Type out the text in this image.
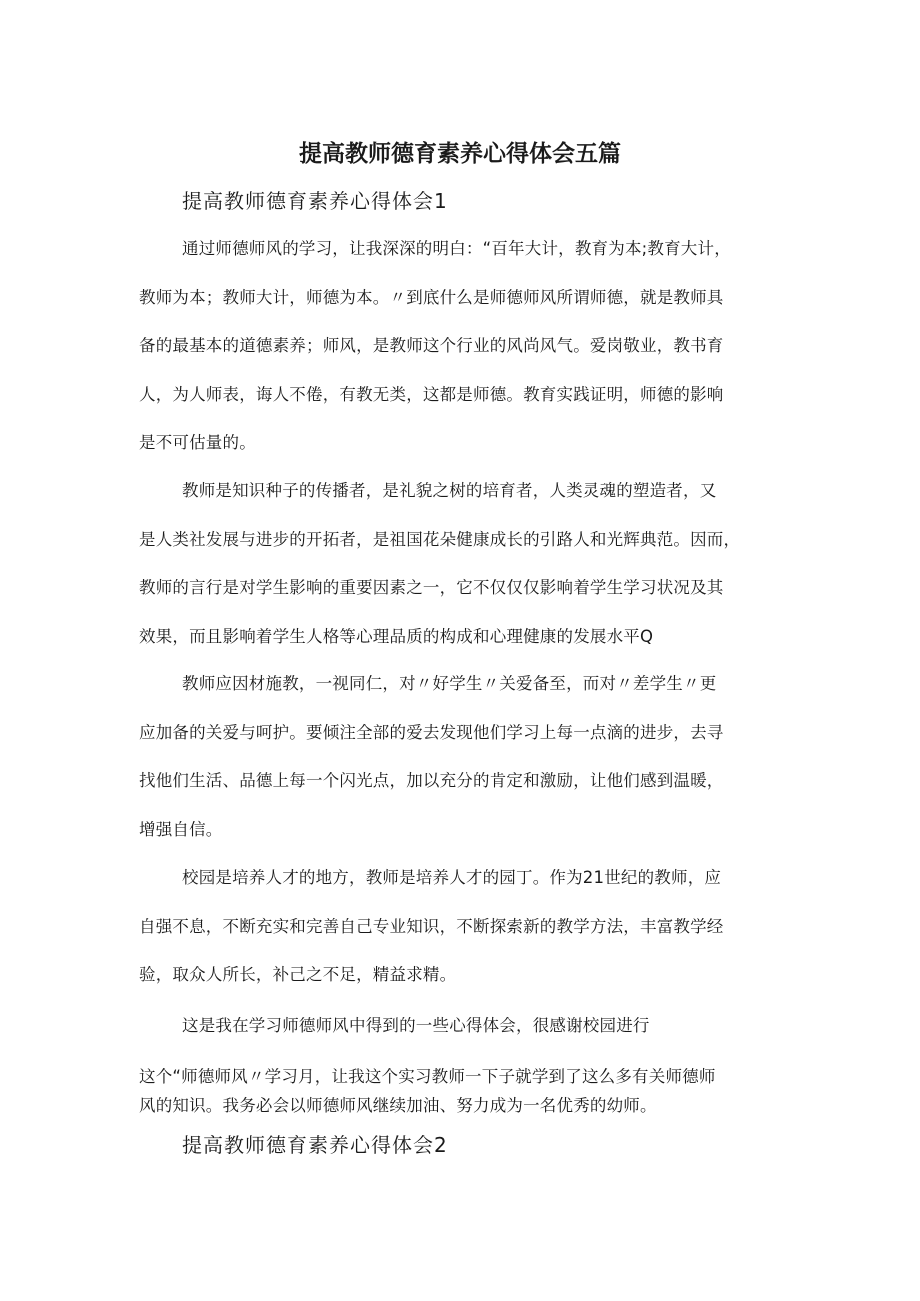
提高教师德育素养心得体会五篇
提高教师德育素养心得体会1
通过师德师风的学习，让我深深的明白：“百年大计，教育为本;教育大计，
教师为本；教师大计，师德为本。〃到底什么是师德师风所谓师德，就是教师具
备的最基本的道德素养；师风，是教师这个行业的风尚风气。爱岗敬业，教书育
人，为人师表，诲人不倦，有教无类，这都是师德。教育实践证明，师德的影响
是不可估量的。
教师是知识种子的传播者，是礼貌之树的培育者，人类灵魂的塑造者，又
是人类社发展与进步的开拓者，是祖国花朵健康成长的引路人和光辉典范。因而，
教师的言行是对学生影响的重要因素之一，它不仅仅仅影响着学生学习状况及其
效果，而且影响着学生人格等心理品质的构成和心理健康的发展水平Q
教师应因材施教，一视同仁，对〃好学生〃关爱备至，而对〃差学生〃更
应加备的关爱与呵护。要倾注全部的爱去发现他们学习上每一点滴的进步，去寻
找他们生活、品德上每一个闪光点，加以充分的肯定和激励，让他们感到温暖，
增强自信。
校园是培养人才的地方，教师是培养人才的园丁。作为21世纪的教师，应
自强不息，不断充实和完善自己专业知识，不断探索新的教学方法，丰富教学经
验，取众人所长，补己之不足，精益求精。
这是我在学习师德师风中得到的一些心得体会，很感谢校园进行
这个“师德师风〃学习月，让我这个实习教师一下子就学到了这么多有关师德师
风的知识。我务必会以师德师风继续加油、努力成为一名优秀的幼师。
提高教师德育素养心得体会2
